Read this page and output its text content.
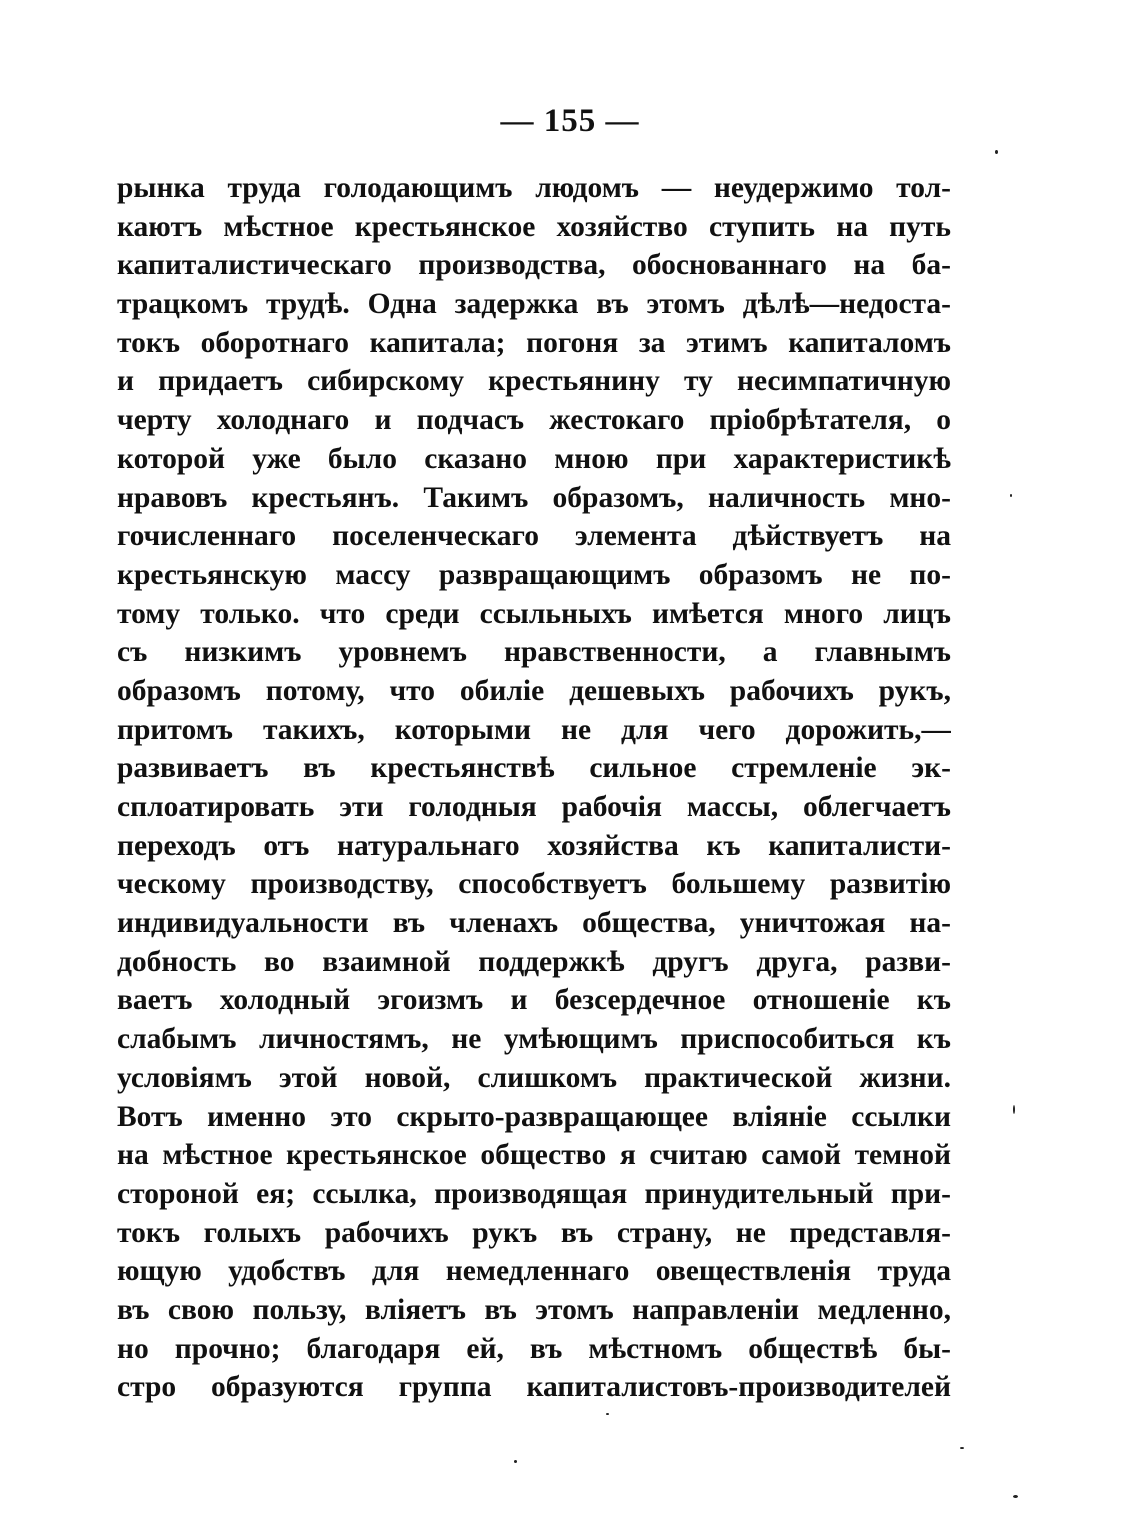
— 155 —
рынка труда голодающимъ людомъ — неудержимо тол-
каютъ мѣстное крестьянское хозяйство ступить на путь
капиталистическаго производства, обоснованнаго на ба-
трацкомъ трудѣ. Одна задержка въ этомъ дѣлѣ—недоста-
токъ оборотнаго капитала; погоня за этимъ капиталомъ
и придаетъ сибирскому крестьянину ту несимпатичную
черту холоднаго и подчасъ жестокаго пріобрѣтателя, о
которой уже было сказано мною при характеристикѣ
нравовъ крестьянъ. Такимъ образомъ, наличность мно-
гочисленнаго поселенческаго элемента дѣйствуетъ на
крестьянскую массу развращающимъ образомъ не по-
тому только. что среди ссыльныхъ имѣется много лицъ
съ низкимъ уровнемъ нравственности, а главнымъ
образомъ потому, что обиліе дешевыхъ рабочихъ рукъ,
притомъ такихъ, которыми не для чего дорожить,—
развиваетъ въ крестьянствѣ сильное стремленіе эк-
сплоатировать эти голодныя рабочія массы, облегчаетъ
переходъ отъ натуральнаго хозяйства къ капиталисти-
ческому производству, способствуетъ большему развитію
индивидуальности въ членахъ общества, уничтожая на-
добность во взаимной поддержкѣ другъ друга, разви-
ваетъ холодный эгоизмъ и безсердечное отношеніе къ
слабымъ личностямъ, не умѣющимъ приспособиться къ
условіямъ этой новой, слишкомъ практической жизни.
Вотъ именно это скрыто-развращающее вліяніе ссылки
на мѣстное крестьянское общество я считаю самой темной
стороной ея; ссылка, производящая принудительный при-
токъ голыхъ рабочихъ рукъ въ страну, не представля-
ющую удобствъ для немедленнаго овеществленія труда
въ свою пользу, вліяетъ въ этомъ направленіи медленно,
но прочно; благодаря ей, въ мѣстномъ обществѣ бы-
стро образуются группа капиталистовъ-производителей
